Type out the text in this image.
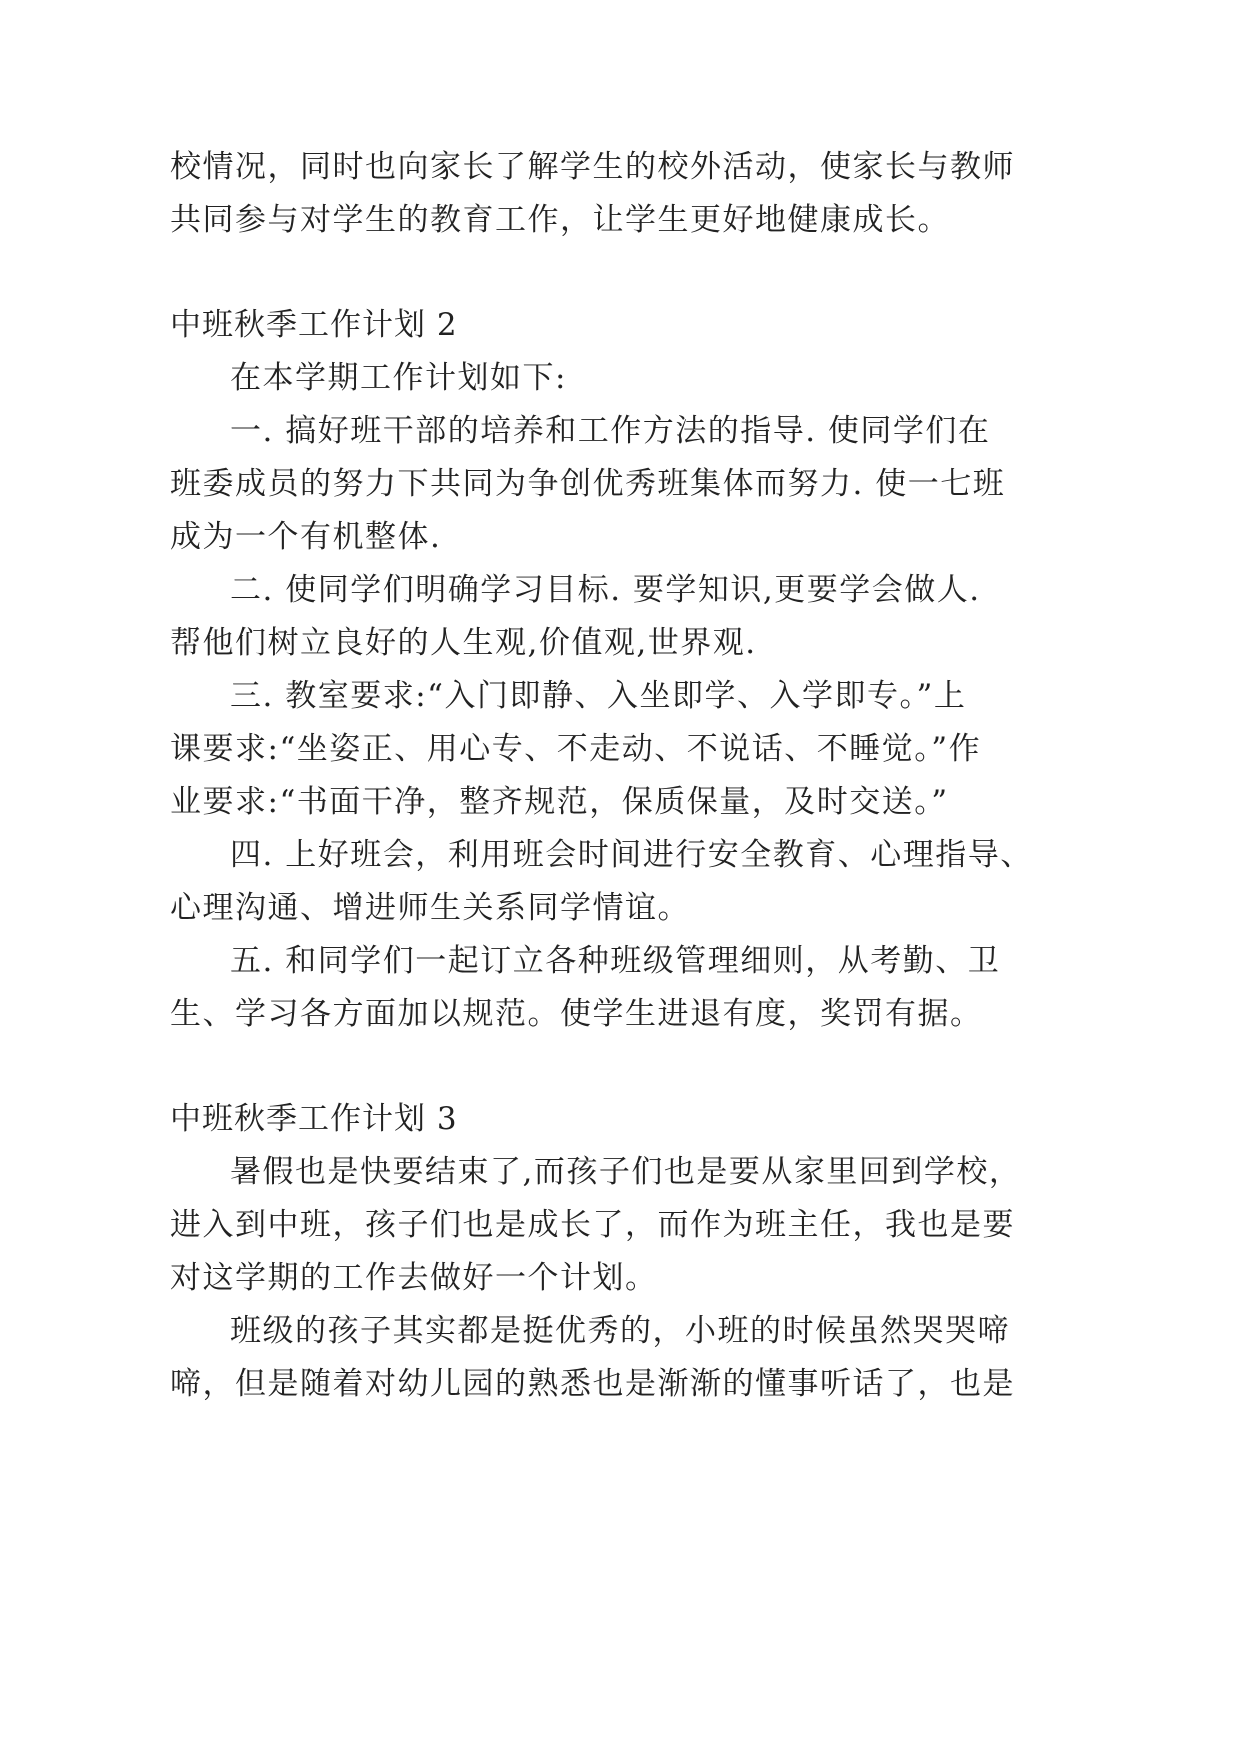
校情况，同时也向家长了解学生的校外活动，使家长与教师
共同参与对学生的教育工作，让学生更好地健康成长。
中班秋季工作计划 2
在本学期工作计划如下:
一. 搞好班干部的培养和工作方法的指导. 使同学们在
班委成员的努力下共同为争创优秀班集体而努力. 使一七班
成为一个有机整体.
二. 使同学们明确学习目标. 要学知识,更要学会做人.
帮他们树立良好的人生观,价值观,世界观.
三. 教室要求:“入门即静、入坐即学、入学即专。”上
课要求:“坐姿正、用心专、不走动、不说话、不睡觉。”作
业要求:“书面干净，整齐规范，保质保量，及时交送。”
四. 上好班会，利用班会时间进行安全教育、心理指导、
心理沟通、增进师生关系同学情谊。
五. 和同学们一起订立各种班级管理细则，从考勤、卫
生、学习各方面加以规范。使学生进退有度，奖罚有据。
中班秋季工作计划 3
暑假也是快要结束了,而孩子们也是要从家里回到学校，
进入到中班，孩子们也是成长了，而作为班主任，我也是要
对这学期的工作去做好一个计划。
班级的孩子其实都是挺优秀的，小班的时候虽然哭哭啼
啼，但是随着对幼儿园的熟悉也是渐渐的懂事听话了，也是
